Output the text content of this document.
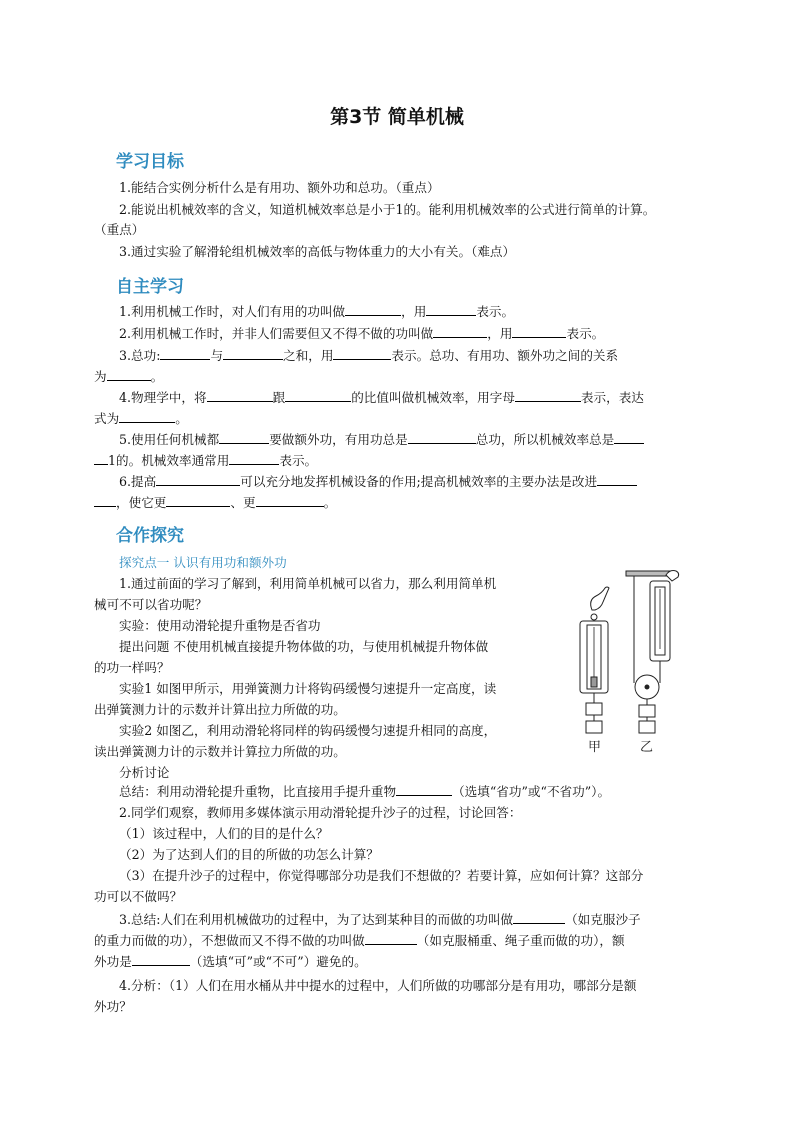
第3节 简单机械
学习目标
1.能结合实例分析什么是有用功、额外功和总功。（重点）
2.能说出机械效率的含义，知道机械效率总是小于1的。能利用机械效率的公式进行简单的计算。
（重点）
3.通过实验了解滑轮组机械效率的高低与物体重力的大小有关。（难点）
自主学习
1.利用机械工作时，对人们有用的功叫做	，用	表示。
2.利用机械工作时，并非人们需要但又不得不做的功叫做	，用	表示。
3.总功:	与	之和，用	表示。总功、有用功、额外功之间的关系
为	。
4.物理学中，将	跟	的比值叫做机械效率，用字母	表示，表达
式为	。
5.使用任何机械都	要做额外功，有用功总是	总功，所以机械效率总是
1的。机械效率通常用	表示。
6.提高	可以充分地发挥机械设备的作用;提高机械效率的主要办法是改进
，使它更	、更	。
合作探究
探究点一 认识有用功和额外功
1.通过前面的学习了解到，利用简单机械可以省力，那么利用简单机
械可不可以省功呢？
实验：使用动滑轮提升重物是否省功
提出问题 不使用机械直接提升物体做的功，与使用机械提升物体做
的功一样吗？
实验1 如图甲所示，用弹簧测力计将钩码缓慢匀速提升一定高度，读
出弹簧测力计的示数并计算出拉力所做的功。
实验2 如图乙，利用动滑轮将同样的钩码缓慢匀速提升相同的高度，
读出弹簧测力计的示数并计算拉力所做的功。
分析讨论
总结：利用动滑轮提升重物，比直接用手提升重物	（选填“省功”或“不省功”）。
2.同学们观察，教师用多媒体演示用动滑轮提升沙子的过程，讨论回答：
（1）该过程中，人们的目的是什么？
（2）为了达到人们的目的所做的功怎么计算？
（3）在提升沙子的过程中，你觉得哪部分功是我们不想做的？若要计算，应如何计算？这部分
功可以不做吗？
3.总结:人们在利用机械做功的过程中，为了达到某种目的而做的功叫做	（如克服沙子
的重力而做的功），不想做而又不得不做的功叫做	（如克服桶重、绳子重而做的功），额
外功是	（选填“可”或“不可”）避免的。
4.分析：（1）人们在用水桶从井中提水的过程中，人们所做的功哪部分是有用功，哪部分是额
外功？
甲	乙
